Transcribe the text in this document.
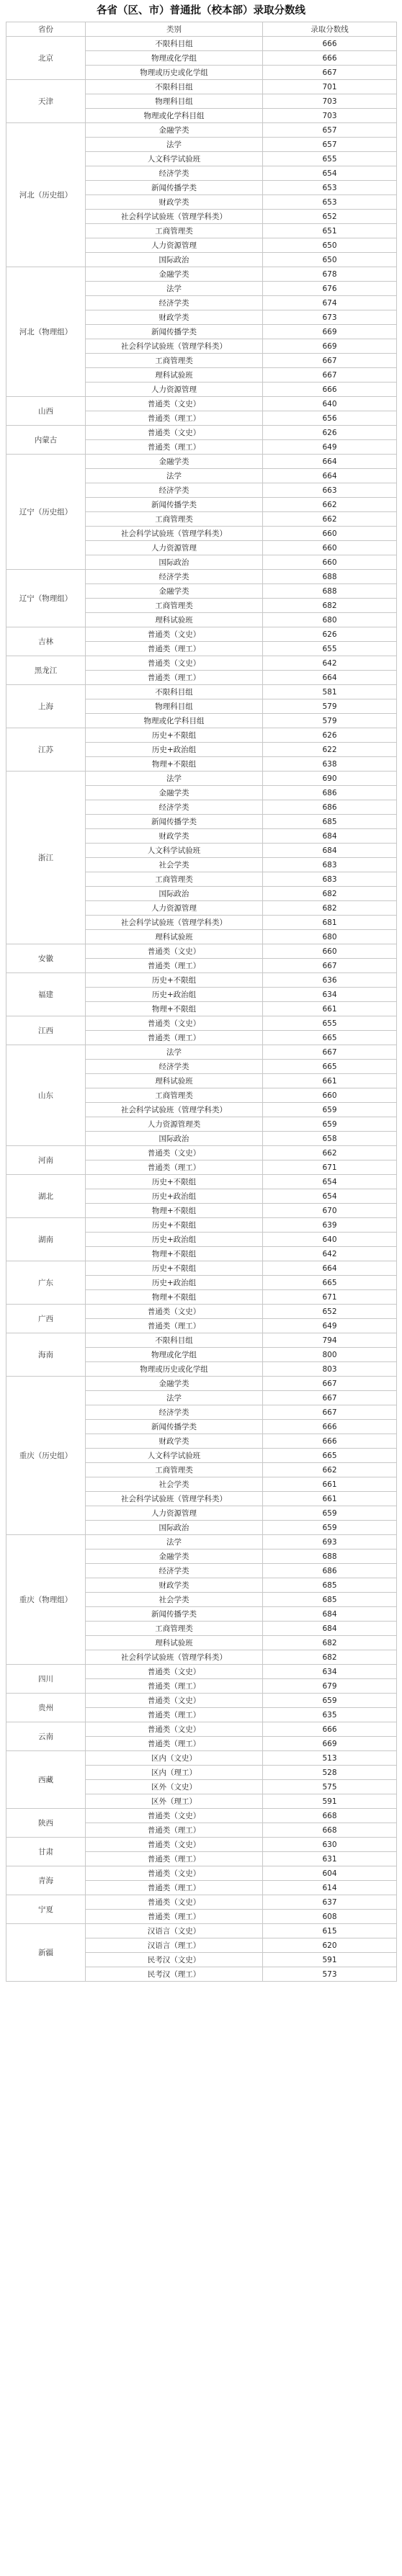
各省（区、市）普通批（校本部）录取分数线
省份	类别	录取分数线
北京	不限科目组	666
	物理或化学组	666
	物理或历史或化学组	667
天津	不限科目组	701
	物理科目组	703
	物理或化学科目组	703
河北（历史组）	金融学类	657
	法学	657
	人文科学试验班	655
	经济学类	654
	新闻传播学类	653
	财政学类	653
	社会科学试验班（管理学科类）	652
	工商管理类	651
	人力资源管理	650
	国际政治	650
河北（物理组）	金融学类	678
	法学	676
	经济学类	674
	财政学类	673
	新闻传播学类	669
	社会科学试验班（管理学科类）	669
	工商管理类	667
	理科试验班	667
	人力资源管理	666
山西	普通类（文史）	640
	普通类（理工）	656
内蒙古	普通类（文史）	626
	普通类（理工）	649
辽宁（历史组）	金融学类	664
	法学	664
	经济学类	663
	新闻传播学类	662
	工商管理类	662
	社会科学试验班（管理学科类）	660
	人力资源管理	660
	国际政治	660
辽宁（物理组）	经济学类	688
	金融学类	688
	工商管理类	682
	理科试验班	680
吉林	普通类（文史）	626
	普通类（理工）	655
黑龙江	普通类（文史）	642
	普通类（理工）	664
上海	不限科目组	581
	物理科目组	579
	物理或化学科目组	579
江苏	历史+不限组	626
	历史+政治组	622
	物理+不限组	638
浙江	法学	690
	金融学类	686
	经济学类	686
	新闻传播学类	685
	财政学类	684
	人文科学试验班	684
	社会学类	683
	工商管理类	683
	国际政治	682
	人力资源管理	682
	社会科学试验班（管理学科类）	681
	理科试验班	680
安徽	普通类（文史）	660
	普通类（理工）	667
福建	历史+不限组	636
	历史+政治组	634
	物理+不限组	661
江西	普通类（文史）	655
	普通类（理工）	665
山东	法学	667
	经济学类	665
	理科试验班	661
	工商管理类	660
	社会科学试验班（管理学科类）	659
	人力资源管理类	659
	国际政治	658
河南	普通类（文史）	662
	普通类（理工）	671
湖北	历史+不限组	654
	历史+政治组	654
	物理+不限组	670
湖南	历史+不限组	639
	历史+政治组	640
	物理+不限组	642
广东	历史+不限组	664
	历史+政治组	665
	物理+不限组	671
广西	普通类（文史）	652
	普通类（理工）	649
海南	不限科目组	794
	物理或化学组	800
	物理或历史或化学组	803
重庆（历史组）	金融学类	667
	法学	667
	经济学类	667
	新闻传播学类	666
	财政学类	666
	人文科学试验班	665
	工商管理类	662
	社会学类	661
	社会科学试验班（管理学科类）	661
	人力资源管理	659
	国际政治	659
重庆（物理组）	法学	693
	金融学类	688
	经济学类	686
	财政学类	685
	社会学类	685
	新闻传播学类	684
	工商管理类	684
	理科试验班	682
	社会科学试验班（管理学科类）	682
四川	普通类（文史）	634
	普通类（理工）	679
贵州	普通类（文史）	659
	普通类（理工）	635
云南	普通类（文史）	666
	普通类（理工）	669
西藏	区内（文史）	513
	区内（理工）	528
	区外（文史）	575
	区外（理工）	591
陕西	普通类（文史）	668
	普通类（理工）	668
甘肃	普通类（文史）	630
	普通类（理工）	631
青海	普通类（文史）	604
	普通类（理工）	614
宁夏	普通类（文史）	637
	普通类（理工）	608
新疆	汉语言（文史）	615
	汉语言（理工）	620
	民考汉（文史）	591
	民考汉（理工）	573
